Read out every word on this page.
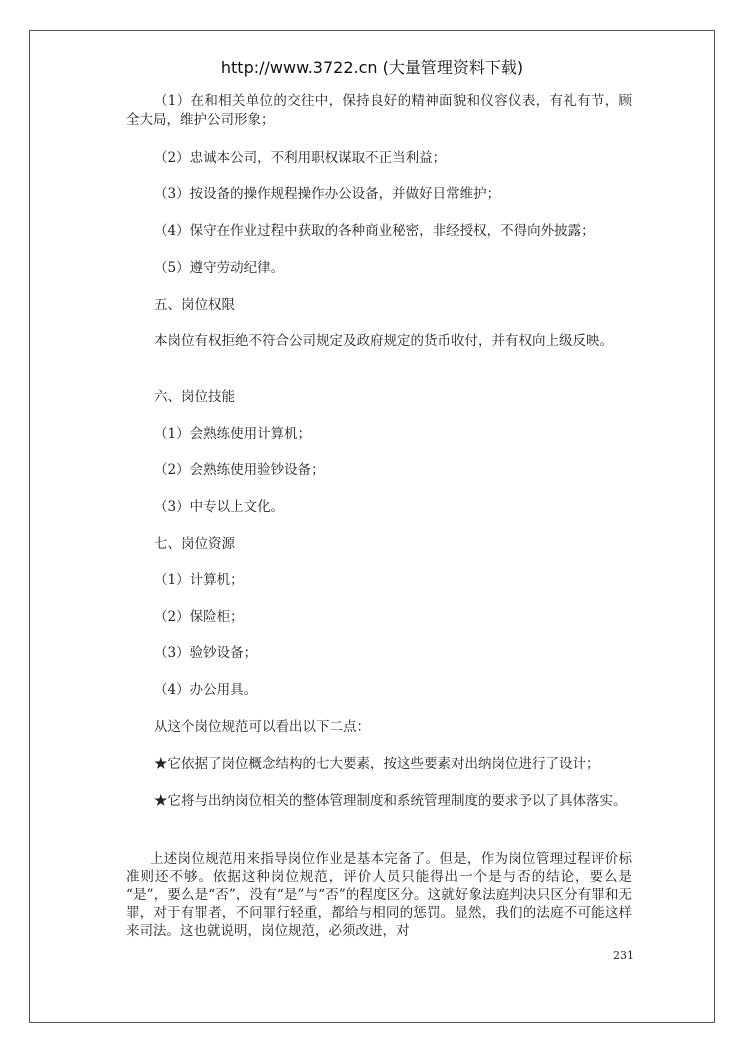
http://www.3722.cn (大量管理资料下载)

（1）在和相关单位的交往中，保持良好的精神面貌和仪容仪表，有礼有节，顾全大局，维护公司形象；

（2）忠诚本公司，不利用职权谋取不正当利益；

（3）按设备的操作规程操作办公设备，并做好日常维护；

（4）保守在作业过程中获取的各种商业秘密，非经授权，不得向外披露；

（5）遵守劳动纪律。

五、岗位权限

本岗位有权拒绝不符合公司规定及政府规定的货币收付，并有权向上级反映。

六、岗位技能

（1）会熟练使用计算机；

（2）会熟练使用验钞设备；

（3）中专以上文化。

七、岗位资源

（1）计算机；

（2）保险柜；

（3）验钞设备；

（4）办公用具。

从这个岗位规范可以看出以下二点：

★它依据了岗位概念结构的七大要素，按这些要素对出纳岗位进行了设计；

★它将与出纳岗位相关的整体管理制度和系统管理制度的要求予以了具体落实。

上述岗位规范用来指导岗位作业是基本完备了。但是，作为岗位管理过程评价标准则还不够。依据这种岗位规范，评价人员只能得出一个是与否的结论，要么是 “是”，要么是“否”，没有“是”与“否”的程度区分。这就好象法庭判决只区分有罪和无罪，对于有罪者，不问罪行轻重，都给与相同的惩罚。显然，我们的法庭不可能这样来司法。这也就说明，岗位规范，必须改进，对

231
